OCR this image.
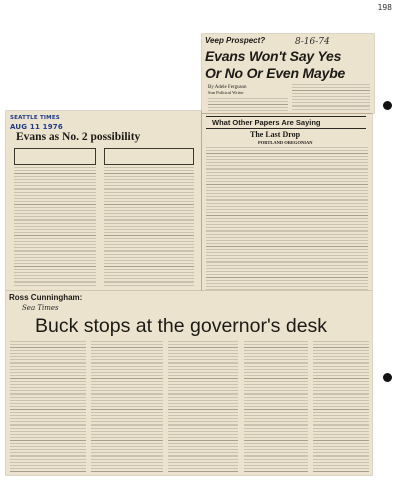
198
SEATTLE TIMES
AUG 11 1976
Evans as No. 2 possibility
Veep Prospect?
Evans Won't Say Yes
Or No Or Even Maybe
By Adele Ferguson
Sun Political Writer
8-16-74
What Other Papers Are Saying
The Last Drop
PORTLAND OREGONIAN
Ross Cunningham:
Sea Times
Buck stops at the governor's desk
